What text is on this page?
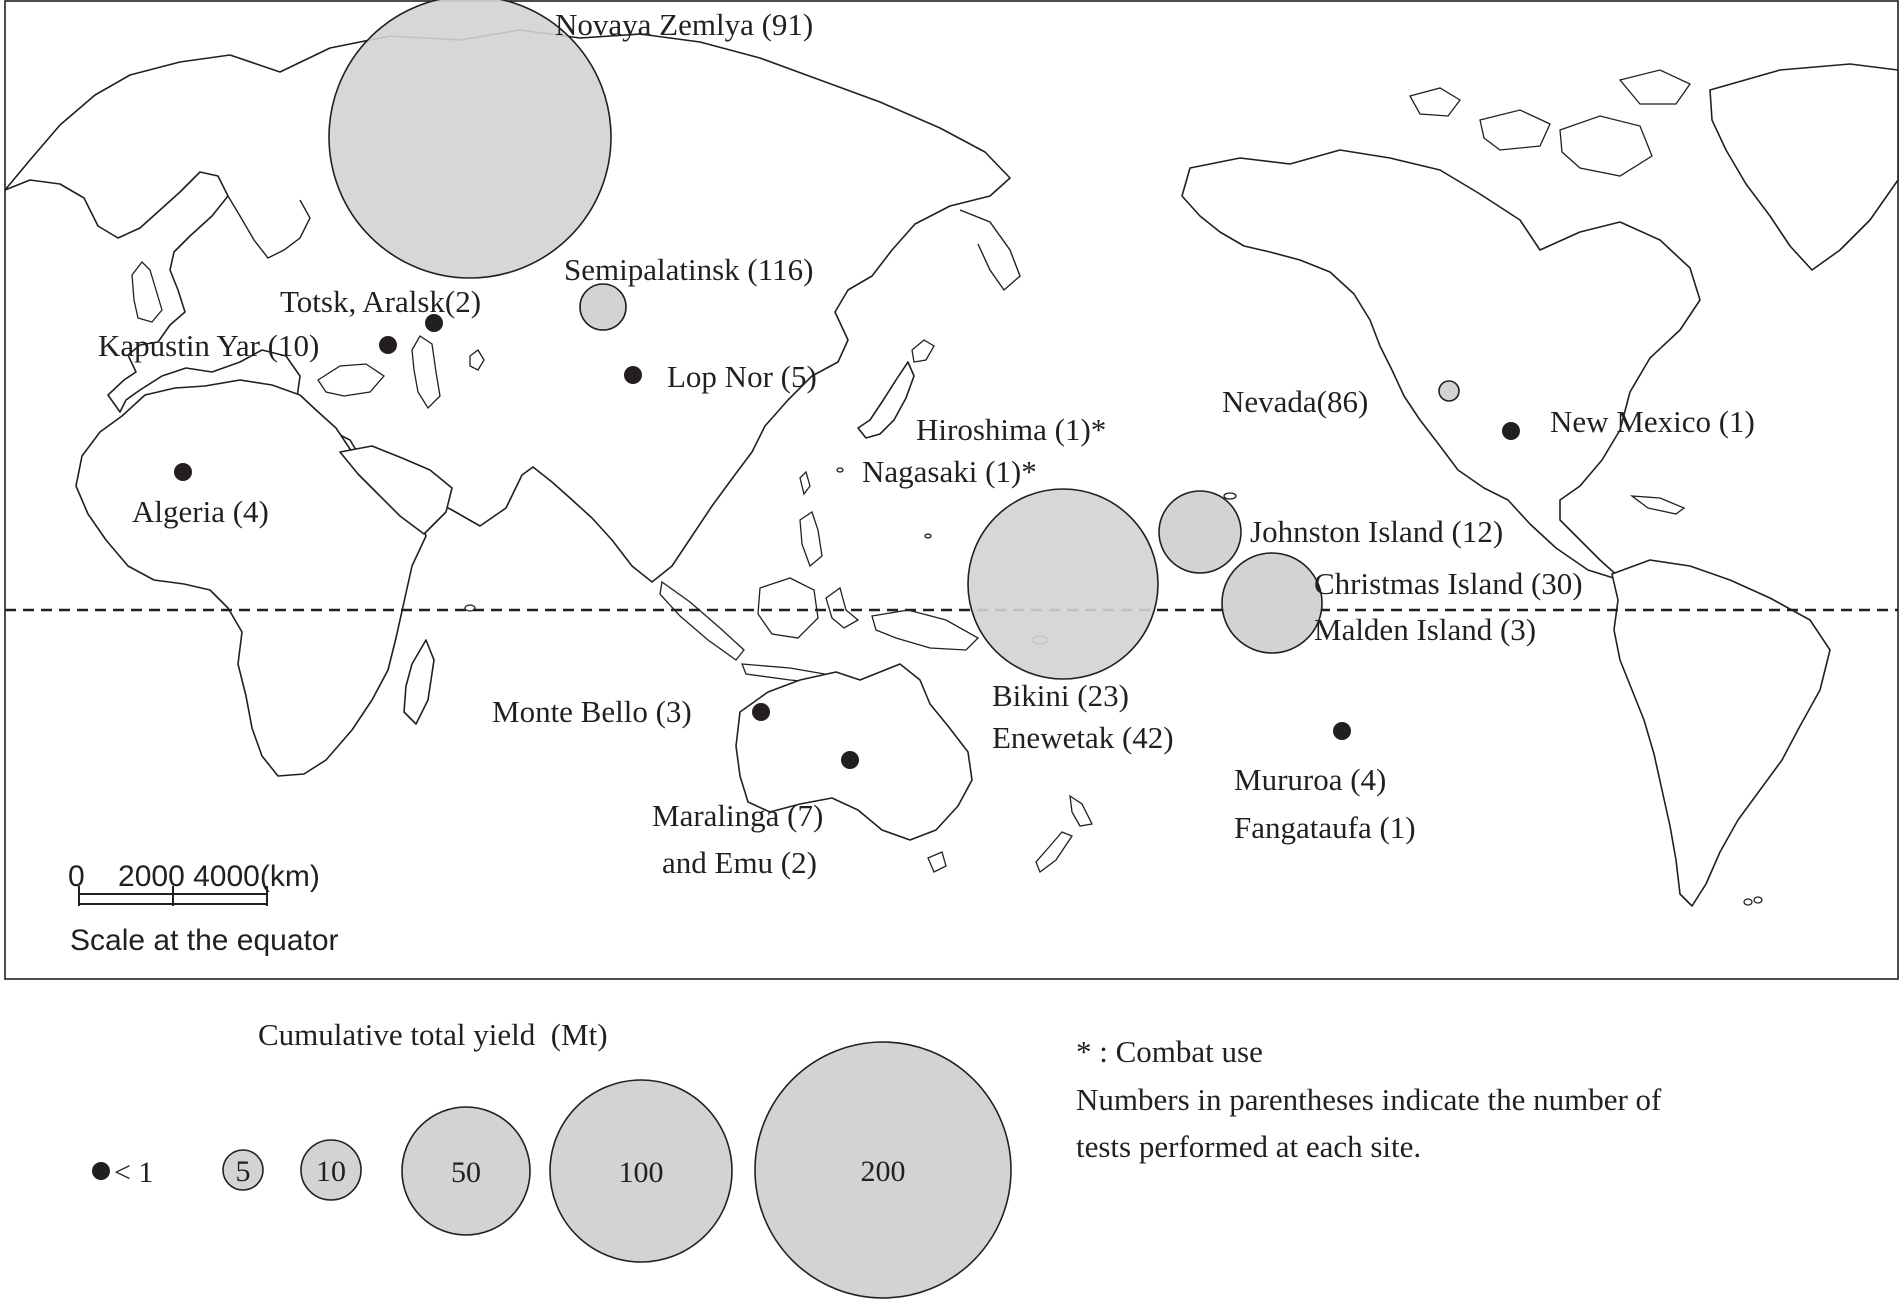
Novaya Zemlya (91)
Semipalatinsk (116)
Totsk, Aralsk(2)
Kapustin Yar (10)
Lop Nor (5)
Algeria (4)
Hiroshima (1)*
Nagasaki (1)*
Nevada(86)
New Mexico (1)
Johnston Island (12)
Christmas Island (30)
Malden Island (3)
Bikini (23)
Enewetak (42)
Monte Bello (3)
Maralinga (7)
and Emu (2)
Mururoa (4)
Fangataufa (1)
0    2000 4000(km)
Scale at the equator
Cumulative total yield  (Mt)
< 1	5 10	50	100	200
* : Combat use
Numbers in parentheses indicate the number of
tests performed at each site.
